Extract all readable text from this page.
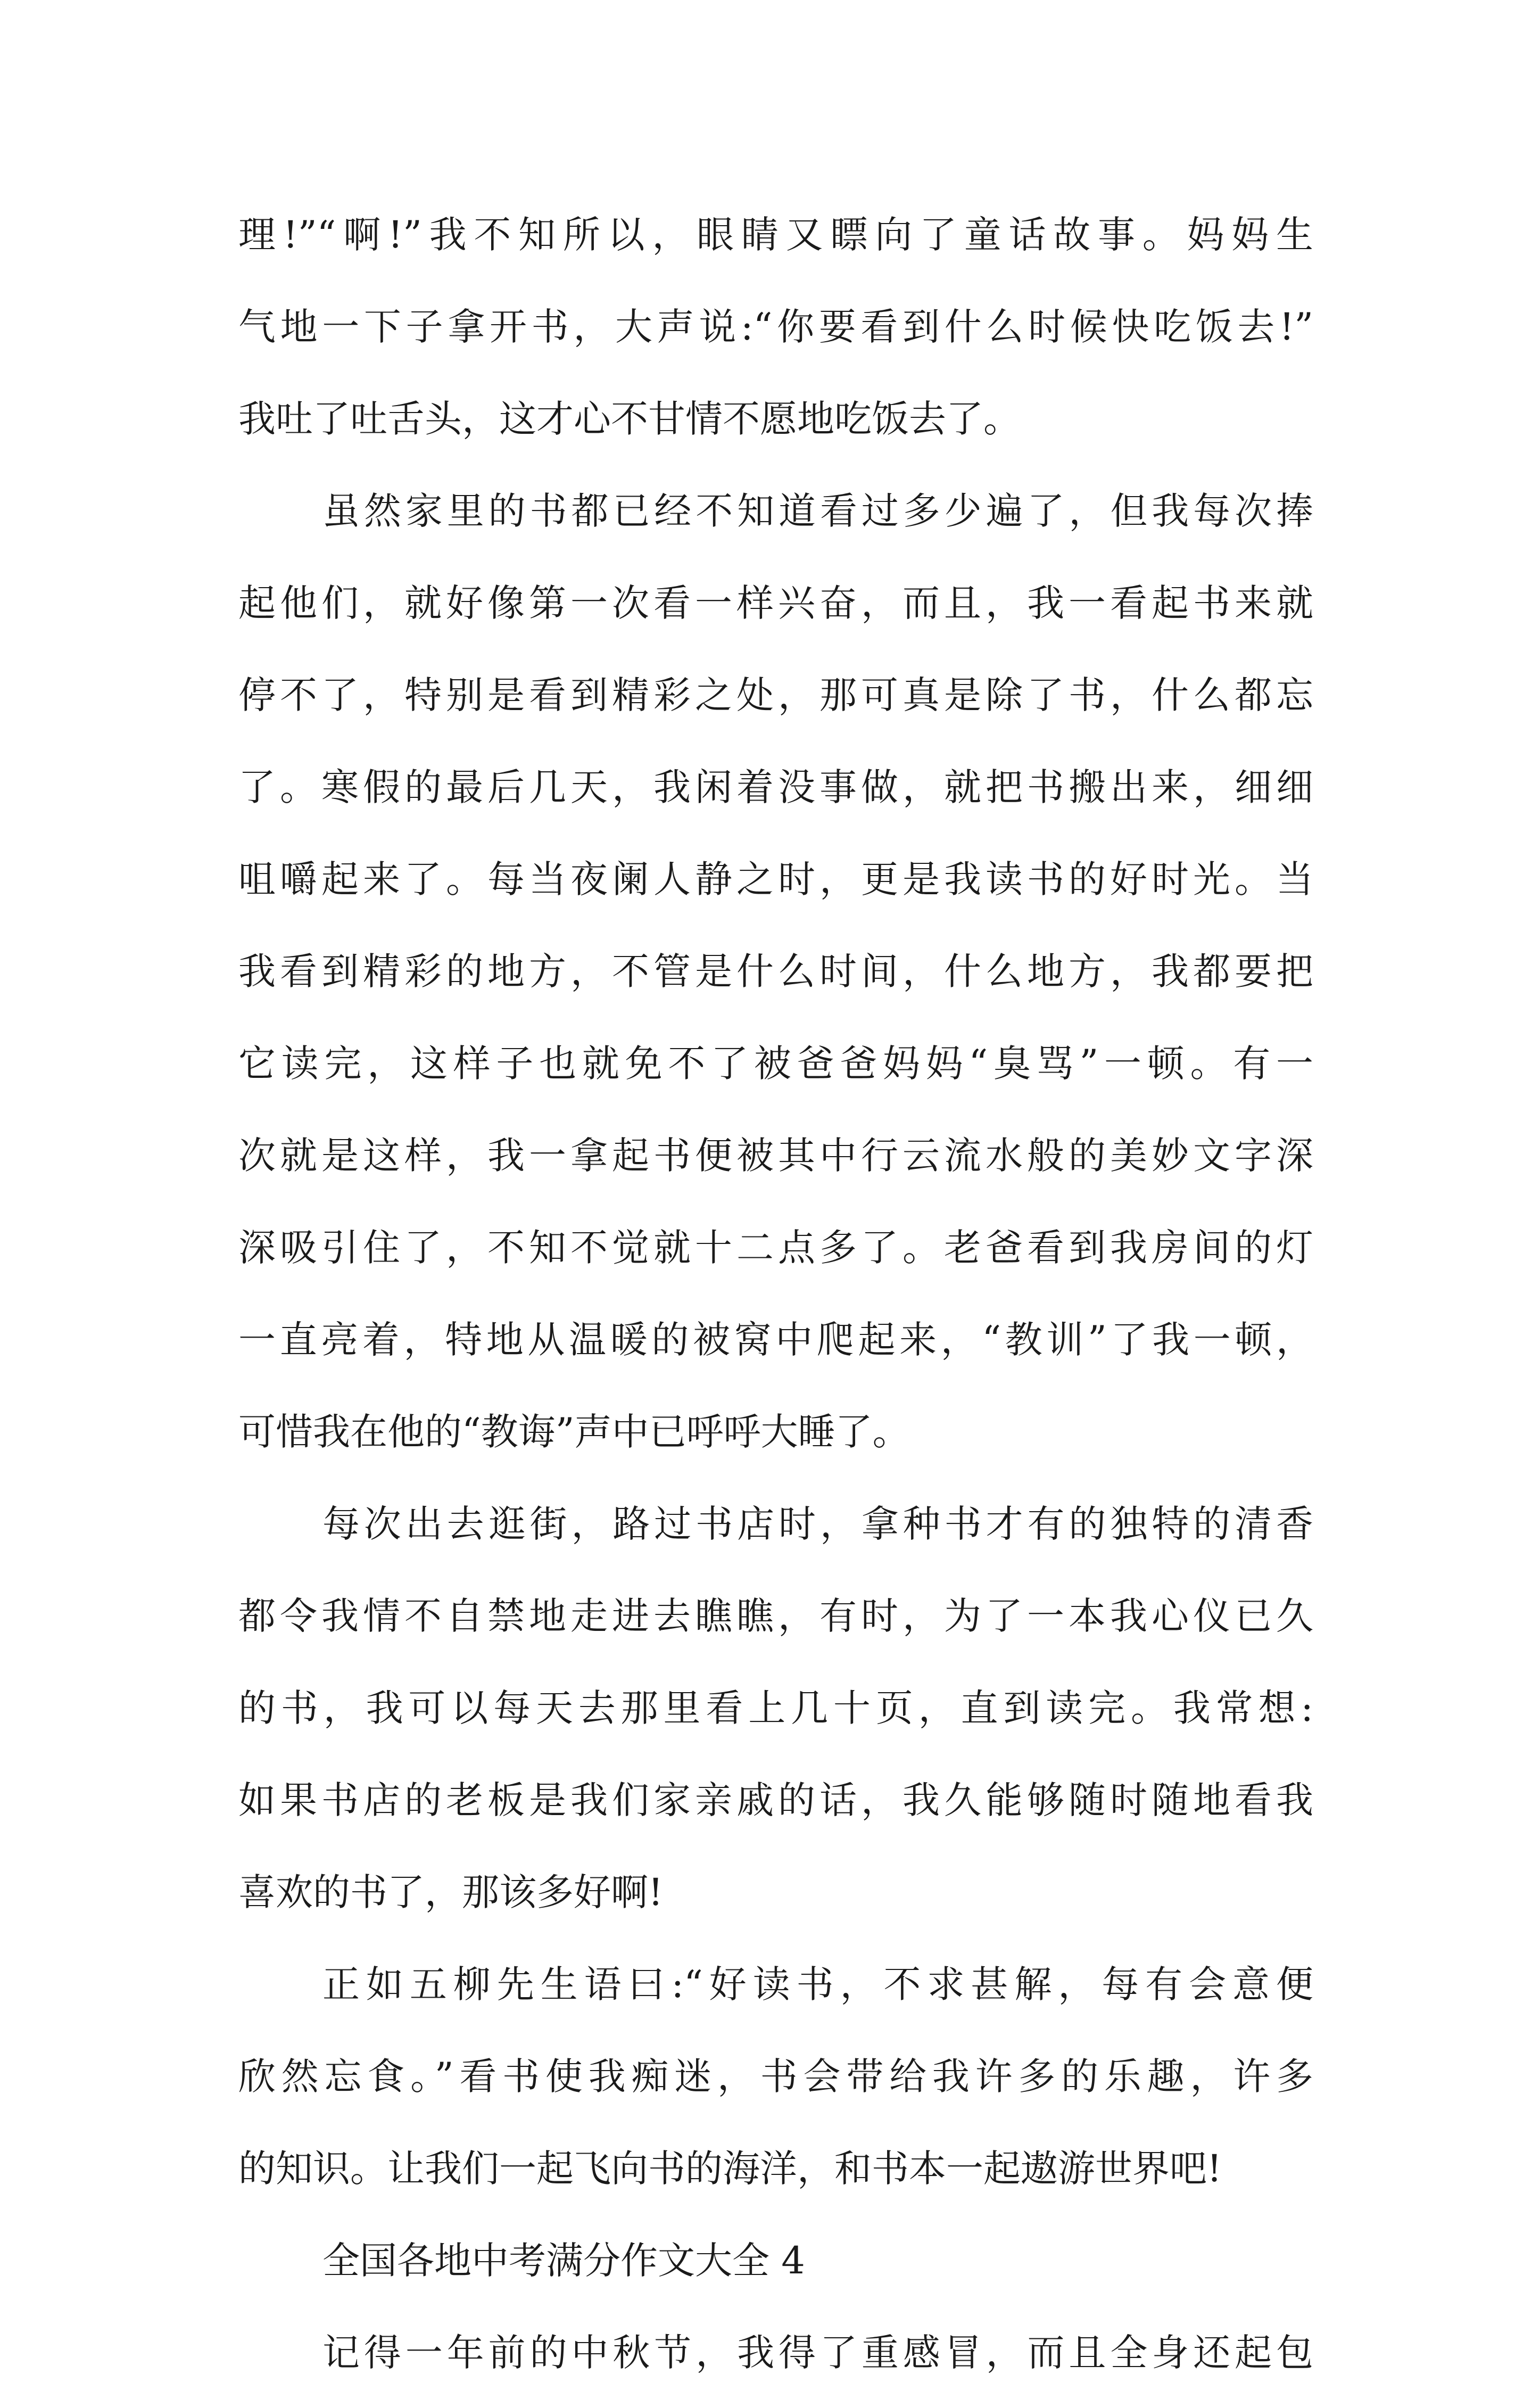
理!”“啊!”我不知所以，眼睛又瞟向了童话故事。妈妈生
气地一下子拿开书，大声说:“你要看到什么时候快吃饭去!”
我吐了吐舌头，这才心不甘情不愿地吃饭去了。
虽然家里的书都已经不知道看过多少遍了，但我每次捧
起他们，就好像第一次看一样兴奋，而且，我一看起书来就
停不了，特别是看到精彩之处，那可真是除了书，什么都忘
了。寒假的最后几天，我闲着没事做，就把书搬出来，细细
咀嚼起来了。每当夜阑人静之时，更是我读书的好时光。当
我看到精彩的地方，不管是什么时间，什么地方，我都要把
它读完，这样子也就免不了被爸爸妈妈“臭骂”一顿。有一
次就是这样，我一拿起书便被其中行云流水般的美妙文字深
深吸引住了，不知不觉就十二点多了。老爸看到我房间的灯
一直亮着，特地从温暖的被窝中爬起来，“教训”了我一顿，
可惜我在他的“教诲”声中已呼呼大睡了。
每次出去逛街，路过书店时，拿种书才有的独特的清香
都令我情不自禁地走进去瞧瞧，有时，为了一本我心仪已久
的书，我可以每天去那里看上几十页，直到读完。我常想:
如果书店的老板是我们家亲戚的话，我久能够随时随地看我
喜欢的书了，那该多好啊!
正如五柳先生语曰:“好读书，不求甚解，每有会意便
欣然忘食。”看书使我痴迷，书会带给我许多的乐趣，许多
的知识。让我们一起飞向书的海洋，和书本一起遨游世界吧!
全国各地中考满分作文大全 4
记得一年前的中秋节，我得了重感冒，而且全身还起包
